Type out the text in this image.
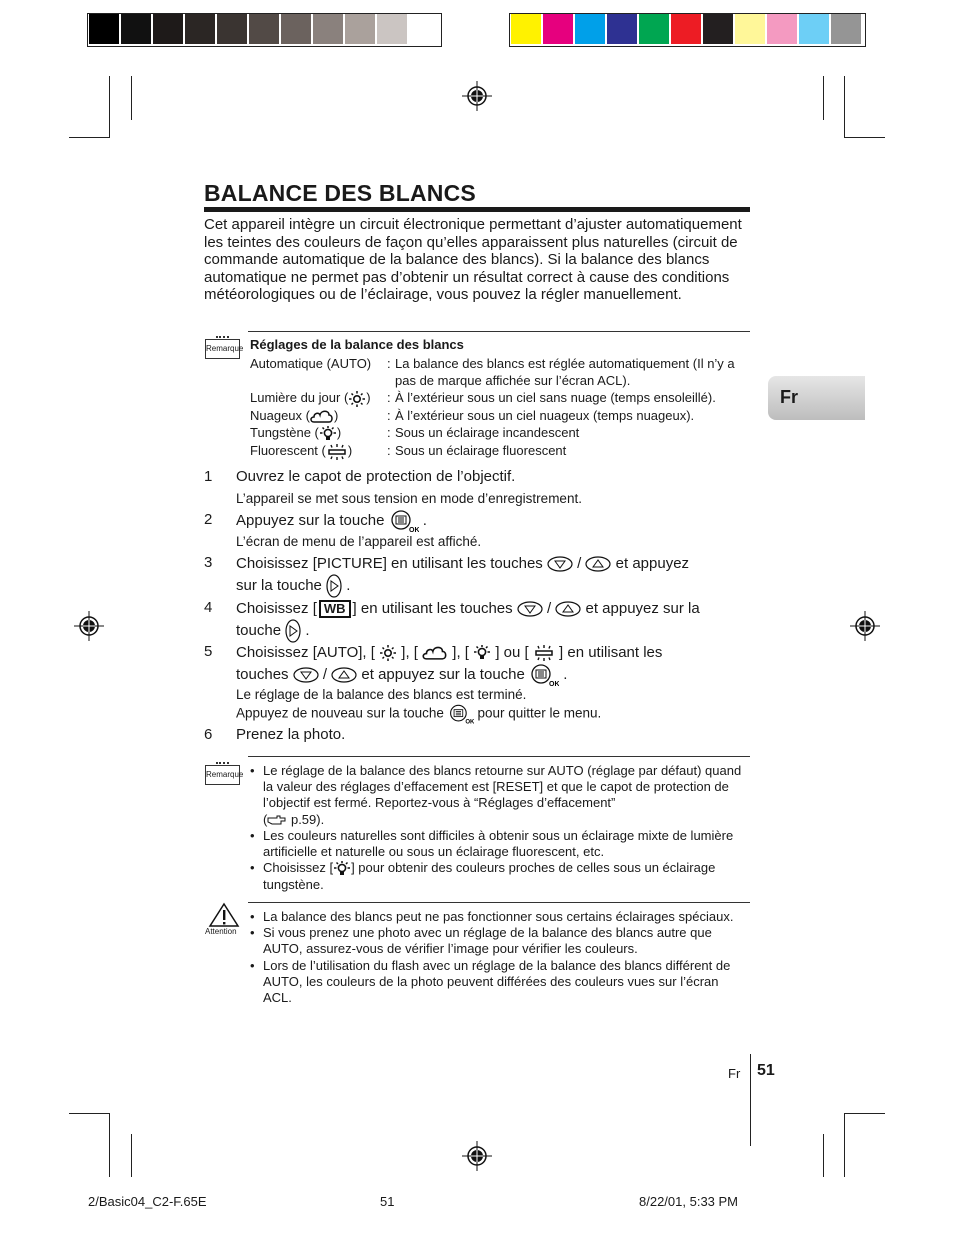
BALANCE DES BLANCS

Cet appareil intègre un circuit électronique permettant d’ajuster automatiquement les teintes des couleurs de façon qu’elles apparaissent plus naturelles (circuit de commande automatique de la balance des blancs). Si la balance des blancs automatique ne permet pas d’obtenir un résultat correct à cause des conditions météorologiques ou de l’éclairage, vous pouvez la régler manuellement.

Remarque Réglages de la balance des blancs
Automatique (AUTO) : La balance des blancs est réglée automatiquement (Il n’y a pas de marque affichée sur l’écran ACL).
Lumière du jour ( ) : À l’extérieur sous un ciel sans nuage (temps ensoleillé).
Nuageux ( )	: À l’extérieur sous un ciel nuageux (temps nuageux).
Tungstène ( )	: Sous un éclairage incandescent
Fluorescent ( )	: Sous un éclairage fluorescent
1 Ouvrez le capot de protection de l’objectif.
L’appareil se met sous tension en mode d’enregistrement.
2 Appuyez sur la touche
OK
.
L’écran de menu de l’appareil est affiché.
3 Choisissez [PICTURE] en utilisant les touches / et appuyez
sur la touche .
4 Choisissez [ WB ] en utilisant les touches / et appuyez sur la
touche .
5 Choisissez [AUTO], [ ], [ ], [ ] ou [ ] en utilisant les
touches / et appuyez sur la touche
OK
.
Le réglage de la balance des blancs est terminé.
Appuyez de nouveau sur la touche
OK
pour quitter le menu.
6 Prenez la photo.
Remarque

•	Le réglage de la balance des blancs retourne sur AUTO (réglage par défaut) quand la valeur des réglages d’effacement est [RESET] et que le capot de protection de l’objectif est fermé. Reportez-vous à “Réglages d’effacement”
( p.59).

• Les couleurs naturelles sont difficiles à obtenir sous un éclairage mixte de lumière artificielle et naturelle ou sous un éclairage fluorescent, etc.

• Choisissez [ ] pour obtenir des couleurs proches de celles sous un éclairage tungstène.

Attention

• La balance des blancs peut ne pas fonctionner sous certains éclairages spéciaux.

• Si vous prenez une photo avec un réglage de la balance des blancs autre que AUTO, assurez-vous de vérifier l’image pour vérifier les couleurs.

• Lors de l’utilisation du flash avec un réglage de la balance des blancs différent de AUTO, les couleurs de la photo peuvent différées des couleurs vues sur l’écran ACL.

Fr
Fr 51
2/Basic04_C2-F.65E	51	8/22/01, 5:33 PM
